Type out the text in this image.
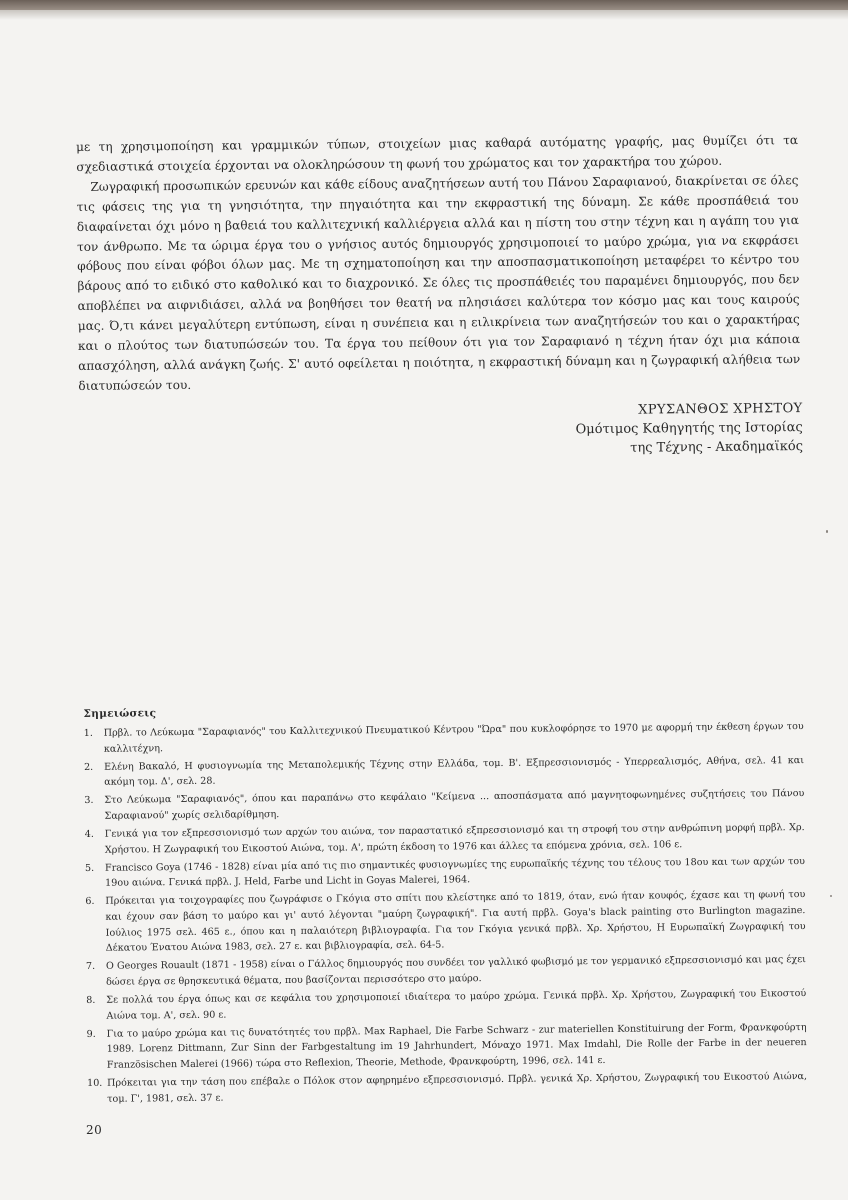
με τη χρησιμοποίηση και γραμμικών τύπων, στοιχείων μιας καθαρά αυτόματης γραφής, μας θυμίζει ότι τα σχεδιαστικά στοιχεία έρχονται να ολοκληρώσουν τη φωνή του χρώματος και τον χαρακτήρα του χώρου.

Ζωγραφική προσωπικών ερευνών και κάθε είδους αναζητήσεων αυτή του Πάνου Σαραφιανού, διακρίνεται σε όλες τις φάσεις της για τη γνησιότητα, την πηγαιότητα και την εκφραστική της δύναμη. Σε κάθε προσπάθειά του διαφαίνεται όχι μόνο η βαθειά του καλλιτεχνική καλλιέργεια αλλά και η πίστη του στην τέχνη και η αγάπη του για τον άνθρωπο. Με τα ώριμα έργα του ο γνήσιος αυτός δημιουργός χρησιμοποιεί το μαύρο χρώμα, για να εκφράσει φόβους που είναι φόβοι όλων μας. Με τη σχηματοποίηση και την αποσπασματικοποίηση μεταφέρει το κέντρο του βάρους από το ειδικό στο καθολικό και το διαχρονικό. Σε όλες τις προσπάθειές του παραμένει δημιουργός, που δεν αποβλέπει να αιφνιδιάσει, αλλά να βοηθήσει τον θεατή να πλησιάσει καλύτερα τον κόσμο μας και τους καιρούς μας. Ό,τι κάνει μεγαλύτερη εντύπωση, είναι η συνέπεια και η ειλικρίνεια των αναζητήσεών του και ο χαρακτήρας και ο πλούτος των διατυπώσεών του. Τα έργα του πείθουν ότι για τον Σαραφιανό η τέχνη ήταν όχι μια κάποια απασχόληση, αλλά ανάγκη ζωής. Σ' αυτό οφείλεται η ποιότητα, η εκφραστική δύναμη και η ζωγραφική αλήθεια των διατυπώσεών του.

ΧΡΥΣΑΝΘΟΣ ΧΡΗΣΤΟΥ
Ομότιμος Καθηγητής της Ιστορίας
της Τέχνης - Ακαδημαϊκός
Σημειώσεις
1.	Πρβλ. το Λεύκωμα "Σαραφιανός" του Καλλιτεχνικού Πνευματικού Κέντρου "Ώρα" που κυκλοφόρησε το 1970 με αφορμή την έκθεση έργων του καλλιτέχνη.
2.	Ελένη Βακαλό, Η φυσιογνωμία της Μεταπολεμικής Τέχνης στην Ελλάδα, τομ. Β'. Εξπρεσσιονισμός - Υπερρεαλισμός, Αθήνα, σελ. 41 και ακόμη τομ. Δ', σελ. 28.
3.	Στο Λεύκωμα "Σαραφιανός", όπου και παραπάνω στο κεφάλαιο "Κείμενα ... αποσπάσματα από μαγνητοφωνημένες συζητήσεις του Πάνου Σαραφιανού" χωρίς σελιδαρίθμηση.
4.	Γενικά για τον εξπρεσσιονισμό των αρχών του αιώνα, τον παραστατικό εξπρεσσιονισμό και τη στροφή του στην ανθρώπινη μορφή πρβλ. Χρ. Χρήστου. Η Ζωγραφική του Εικοστού Αιώνα, τομ. Α', πρώτη έκδοση το 1976 και άλλες τα επόμενα χρόνια, σελ. 106 ε.
5.	Francisco Goya (1746 - 1828) είναι μία από τις πιο σημαντικές φυσιογνωμίες της ευρωπαϊκής τέχνης του τέλους του 18ου και των αρχών του 19ου αιώνα. Γενικά πρβλ. J. Held, Farbe und Licht in Goyas Malerei, 1964.
6.	Πρόκειται για τοιχογραφίες που ζωγράφισε ο Γκόγια στο σπίτι που κλείστηκε από το 1819, όταν, ενώ ήταν κουφός, έχασε και τη φωνή του και έχουν σαν βάση το μαύρο και γι' αυτό λέγονται "μαύρη ζωγραφική". Για αυτή πρβλ. Goya's black painting στο Burlington magazine. Ιούλιος 1975 σελ. 465 ε., όπου και η παλαιότερη βιβλιογραφία. Για τον Γκόγια γενικά πρβλ. Χρ. Χρήστου, Η Ευρωπαϊκή Ζωγραφική του Δέκατου Ένατου Αιώνα 1983, σελ. 27 ε. και βιβλιογραφία, σελ. 64-5.
7.	Ο Georges Rouault (1871 - 1958) είναι ο Γάλλος δημιουργός που συνδέει τον γαλλικό φωβισμό με τον γερμανικό εξπρεσσιονισμό και μας έχει δώσει έργα σε θρησκευτικά θέματα, που βασίζονται περισσότερο στο μαύρο.
8.	Σε πολλά του έργα όπως και σε κεφάλια του χρησιμοποιεί ιδιαίτερα το μαύρο χρώμα. Γενικά πρβλ. Χρ. Χρήστου, Ζωγραφική του Εικοστού Αιώνα τομ. Α', σελ. 90 ε.
9.	Για το μαύρο χρώμα και τις δυνατότητές του πρβλ. Max Raphael, Die Farbe Schwarz - zur materiellen Konstituirung der Form, Φρανκφούρτη 1989. Lorenz Dittmann, Zur Sinn der Farbgestaltung im 19 Jahrhundert, Μόναχο 1971. Max Imdahl, Die Rolle der Farbe in der neueren Französischen Malerei (1966) τώρα στο Reflexion, Theorie, Methode, Φρανκφούρτη, 1996, σελ. 141 ε.
10. Πρόκειται για την τάση που επέβαλε ο Πόλοκ στον αφηρημένο εξπρεσσιονισμό. Πρβλ. γενικά Χρ. Χρήστου, Ζωγραφική του Εικοστού Αιώνα, τομ. Γ', 1981, σελ. 37 ε.
20
